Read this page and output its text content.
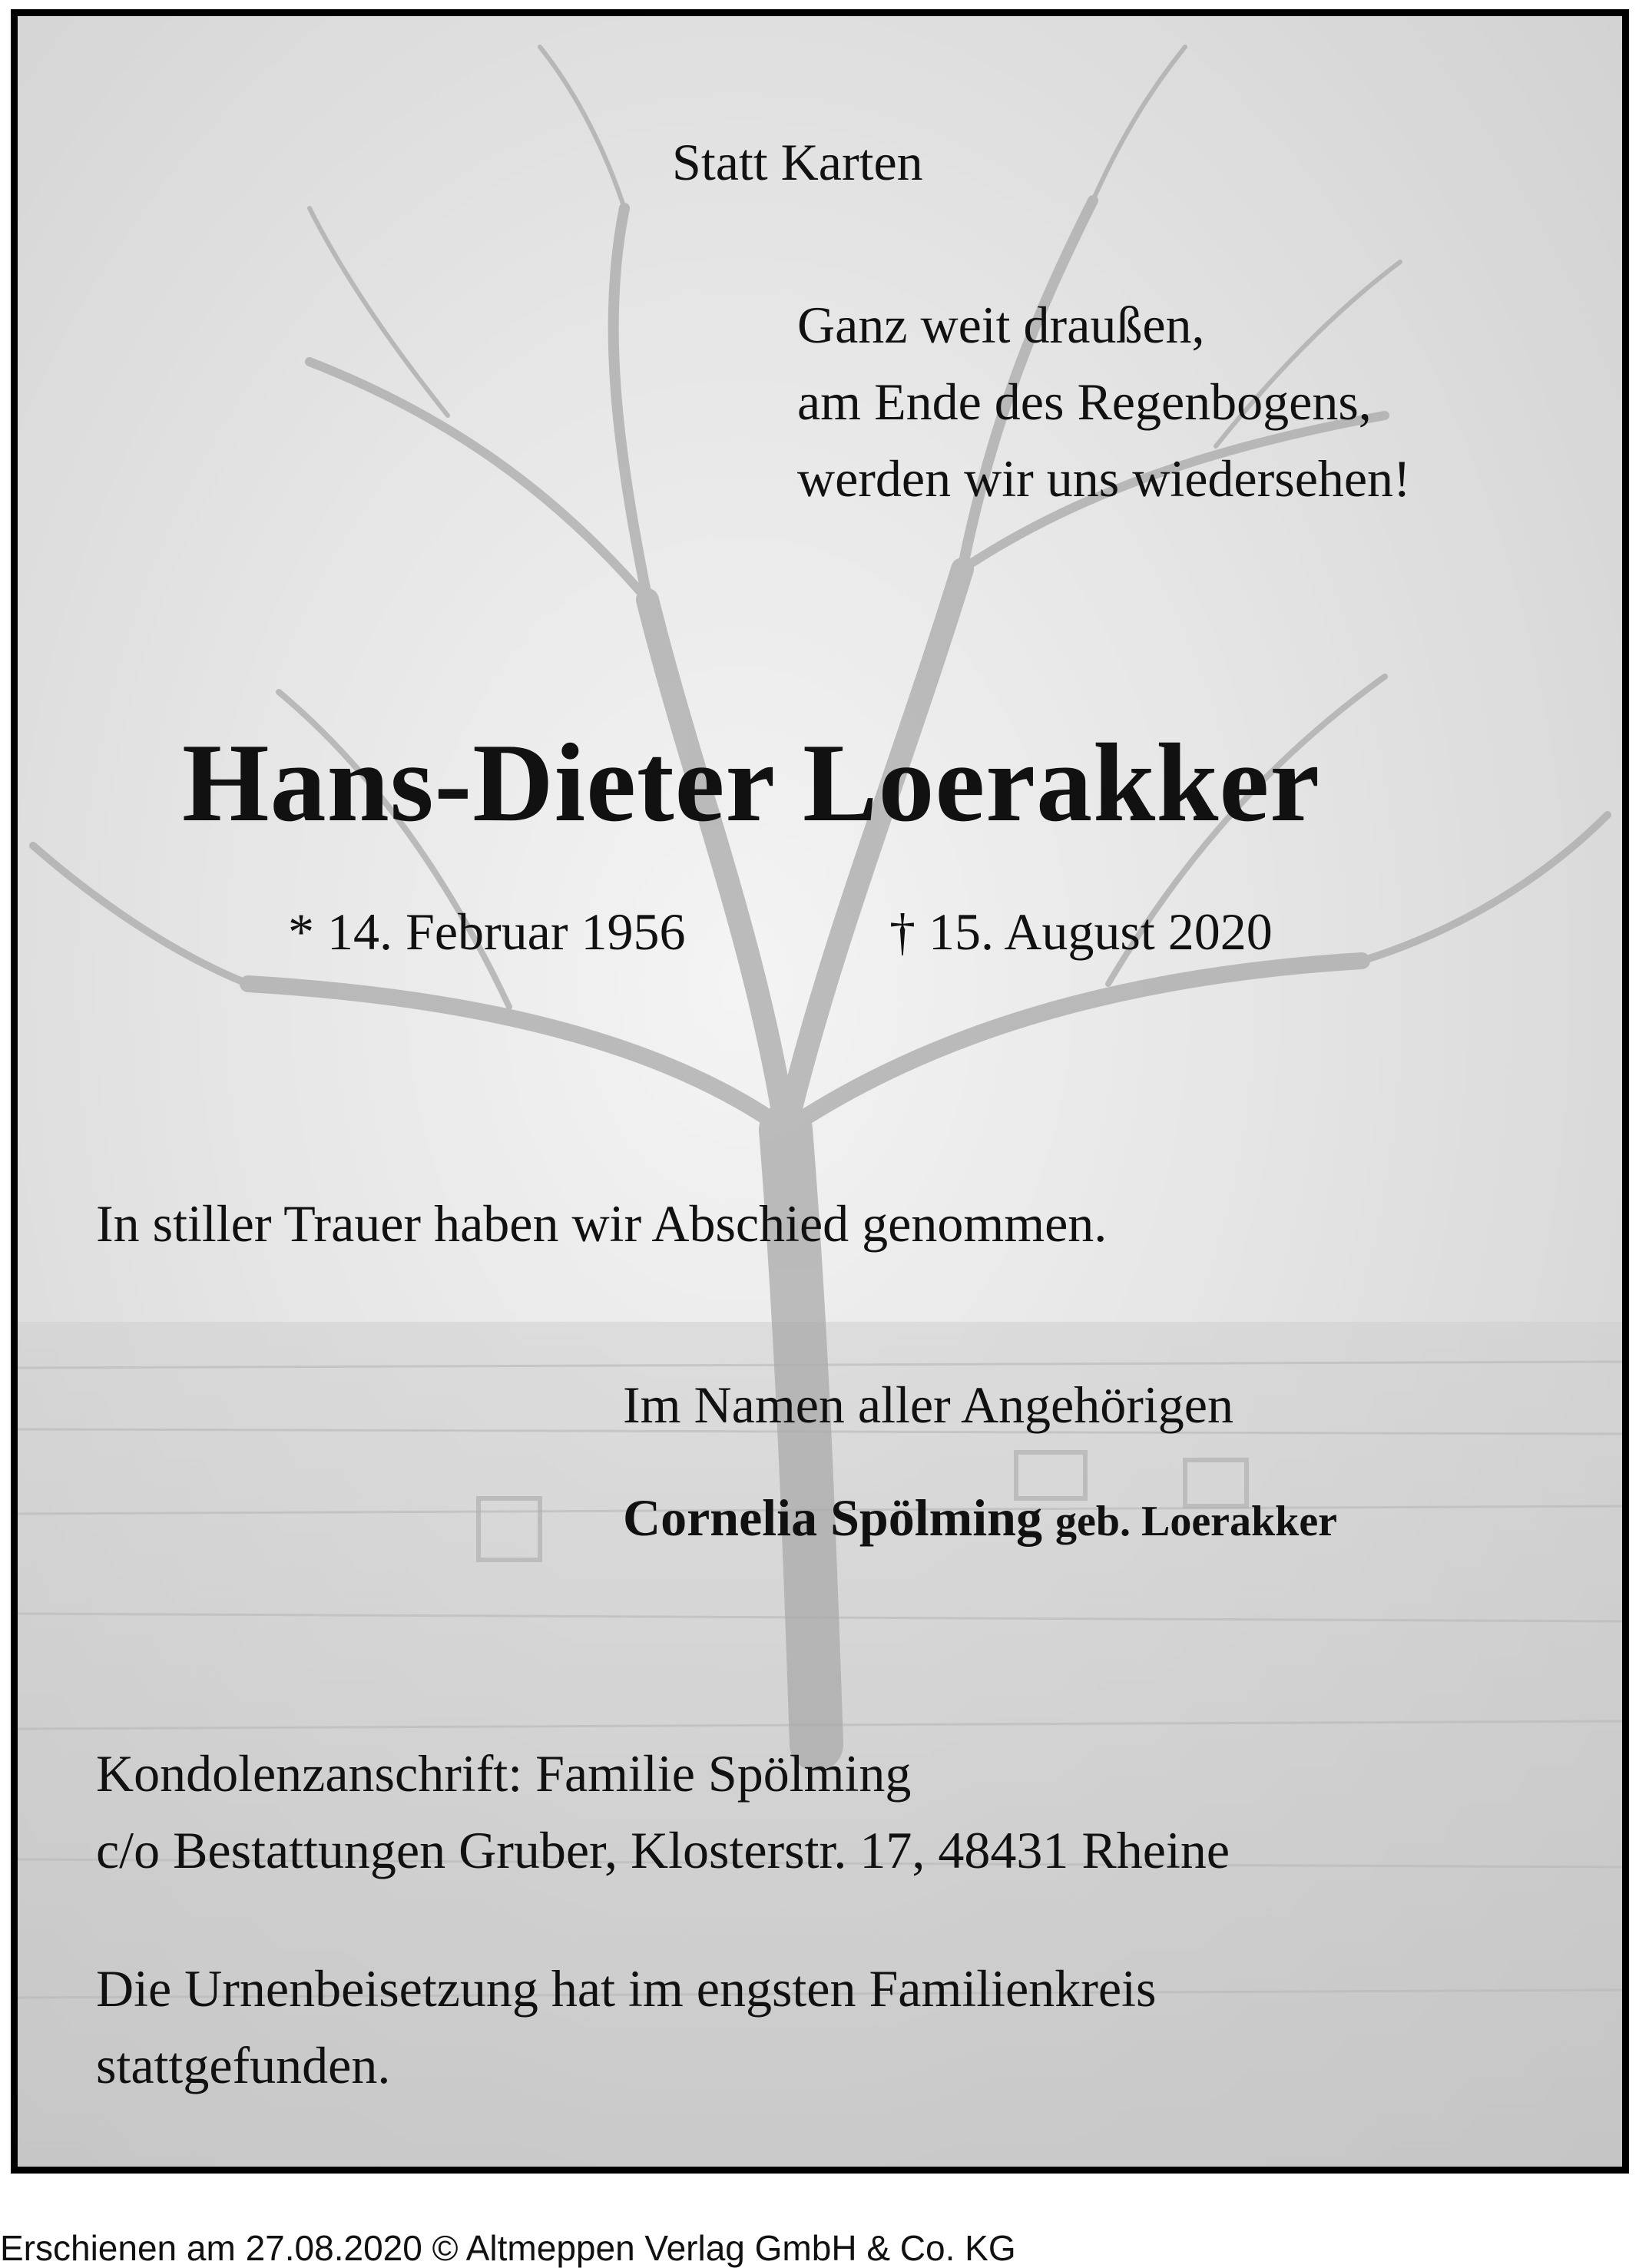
Statt Karten

Ganz weit draußen,

am Ende des Regenbogens,

werden wir uns wiedersehen!

Hans-Dieter Loerakker

* 14. Februar 1956	† 15. August 2020

In stiller Trauer haben wir Abschied genommen.

Im Namen aller Angehörigen

Cornelia Spölming geb. Loerakker

Kondolenzanschrift: Familie Spölming

c/o Bestattungen Gruber, Klosterstr. 17, 48431 Rheine

Die Urnenbeisetzung hat im engsten Familienkreis

stattgefunden.

Erschienen am 27.08.2020 © Altmeppen Verlag GmbH & Co. KG
